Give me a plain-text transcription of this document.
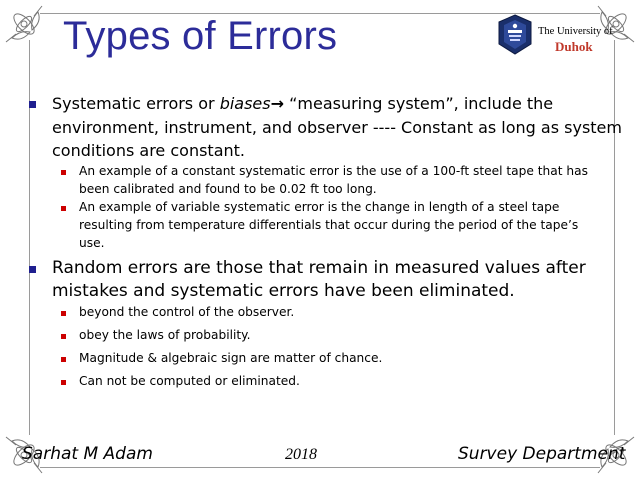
Types of Errors	The University of
Duhok
Systematic errors or biases→ “measuring system”, include the
environment, instrument, and observer ---- Constant as long as system
conditions are constant.
An example of a constant systematic error is the use of a 100-ft steel tape that has
been calibrated and found to be 0.02 ft too long.
An example of variable systematic error is the change in length of a steel tape
resulting from temperature differentials that occur during the period of the tape’s
use.
Random errors are those that remain in measured values after
mistakes and systematic errors have been eliminated.
beyond the control of the observer.
obey the laws of probability.
Magnitude & algebraic sign are matter of chance.
Can not be computed or eliminated.
Sarhat M Adam	2018	Survey Department
